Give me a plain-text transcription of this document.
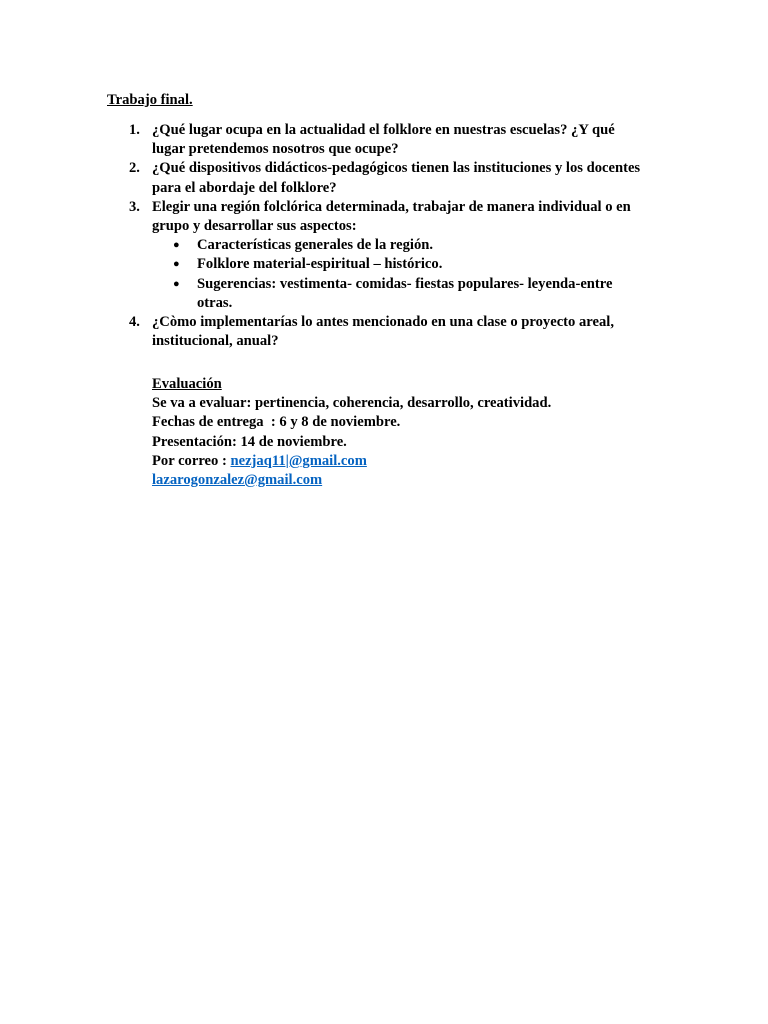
Trabajo final.
1. ¿Qué lugar ocupa en la actualidad el folklore en nuestras escuelas? ¿Y qué
lugar pretendemos nosotros que ocupe?
2. ¿Qué dispositivos didácticos-pedagógicos tienen las instituciones y los docentes
para el abordaje del folklore?
3. Elegir una región folclórica determinada, trabajar de manera individual o en
grupo y desarrollar sus aspectos:
● Características generales de la región.
● Folklore material-espiritual – histórico.
● Sugerencias: vestimenta- comidas- fiestas populares- leyenda-entre
otras.
4. ¿Còmo implementarías lo antes mencionado en una clase o proyecto areal,
institucional, anual?
Evaluación
Se va a evaluar: pertinencia, coherencia, desarrollo, creatividad.
Fechas de entrega  : 6 y 8 de noviembre.
Presentación: 14 de noviembre.
Por correo : nezjaq11|@gmail.com
lazarogonzalez@gmail.com
